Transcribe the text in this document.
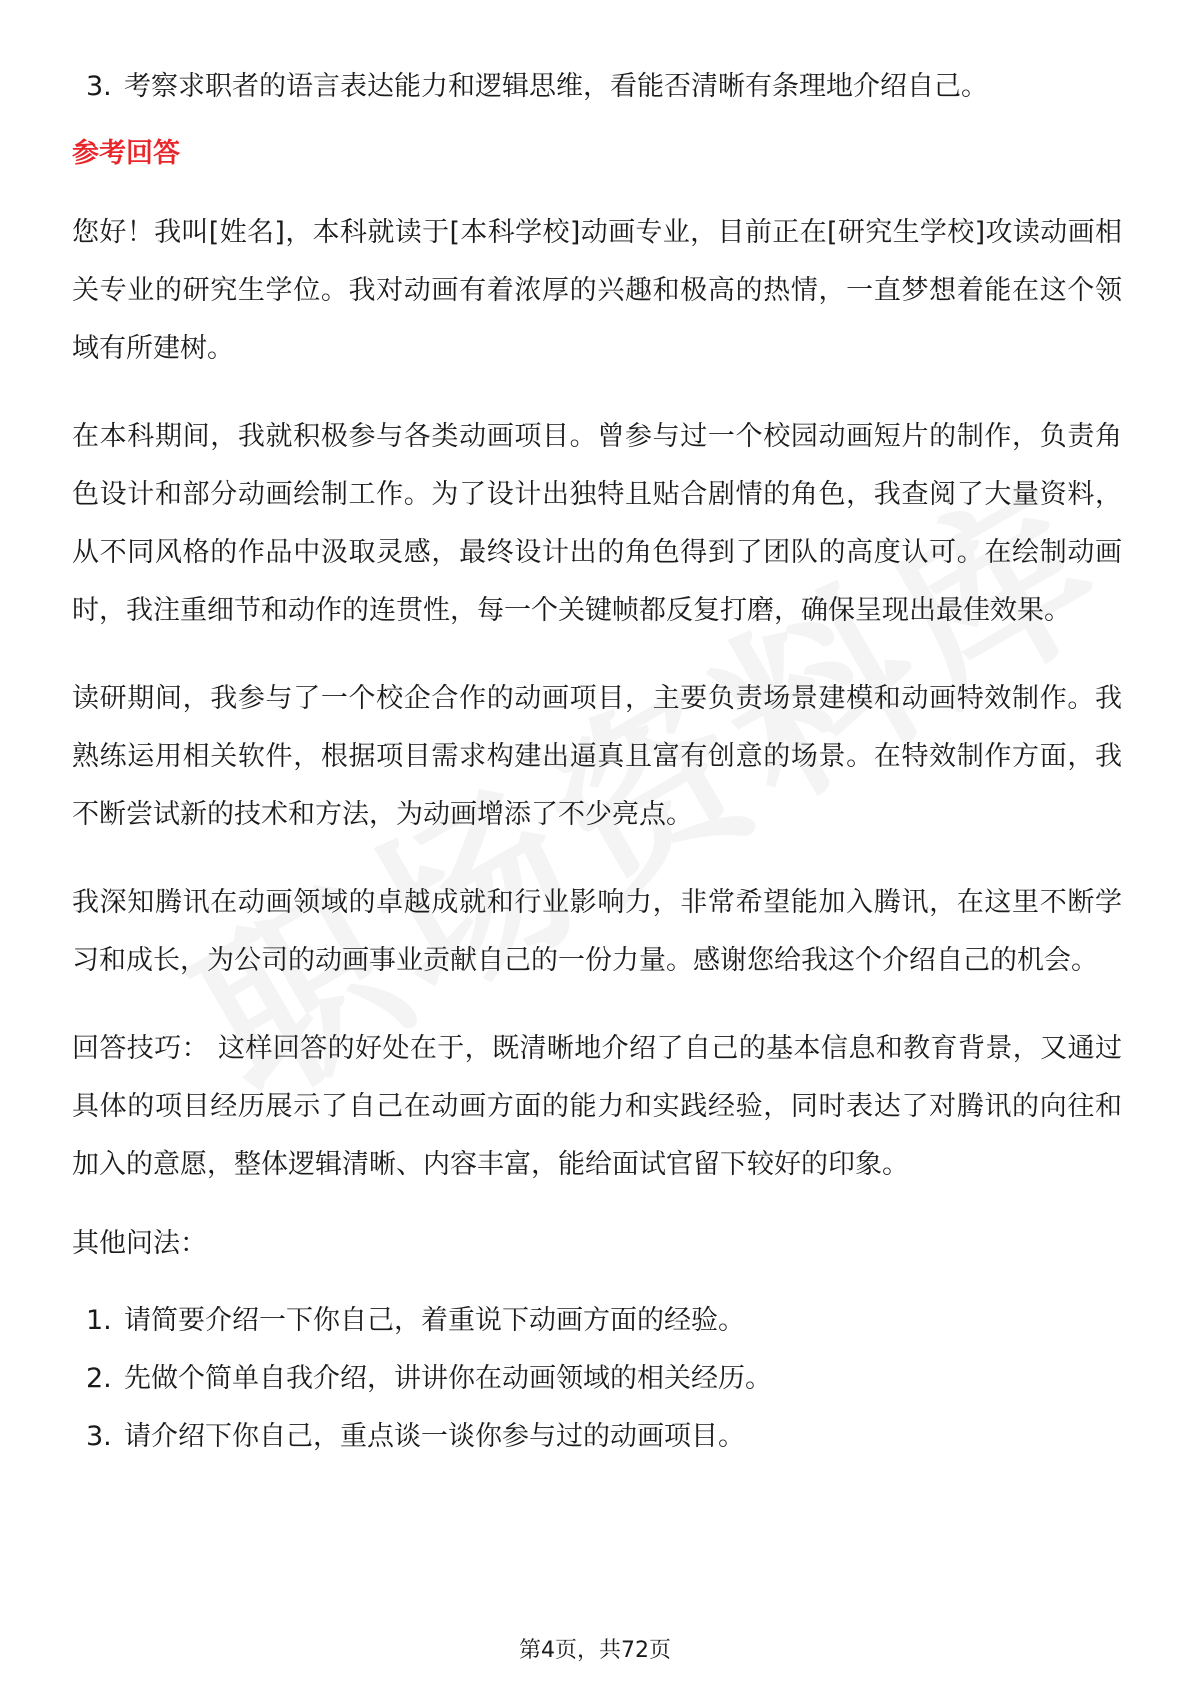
3. 考察求职者的语言表达能力和逻辑思维，看能否清晰有条理地介绍自己。
参考回答

您好！我叫[姓名]，本科就读于[本科学校]动画专业，目前正在[研究生学校]攻读动画相关专业的研究生学位。我对动画有着浓厚的兴趣和极高的热情，一直梦想着能在这个领域有所建树。

在本科期间，我就积极参与各类动画项目。曾参与过一个校园动画短片的制作，负责角色设计和部分动画绘制工作。为了设计出独特且贴合剧情的角色，我查阅了大量资料，从不同风格的作品中汲取灵感，最终设计出的角色得到了团队的高度认可。在绘制动画时，我注重细节和动作的连贯性，每一个关键帧都反复打磨，确保呈现出最佳效果。

读研期间，我参与了一个校企合作的动画项目，主要负责场景建模和动画特效制作。我熟练运用相关软件，根据项目需求构建出逼真且富有创意的场景。在特效制作方面，我不断尝试新的技术和方法，为动画增添了不少亮点。

我深知腾讯在动画领域的卓越成就和行业影响力，非常希望能加入腾讯，在这里不断学习和成长，为公司的动画事业贡献自己的一份力量。感谢您给我这个介绍自己的机会。

回答技巧： 这样回答的好处在于，既清晰地介绍了自己的基本信息和教育背景，又通过具体的项目经历展示了自己在动画方面的能力和实践经验，同时表达了对腾讯的向往和加入的意愿，整体逻辑清晰、内容丰富，能给面试官留下较好的印象。

其他问法：
1. 请简要介绍一下你自己，着重说下动画方面的经验。
2. 先做个简单自我介绍，讲讲你在动画领域的相关经历。
3. 请介绍下你自己，重点谈一谈你参与过的动画项目。
第4页，共72页
